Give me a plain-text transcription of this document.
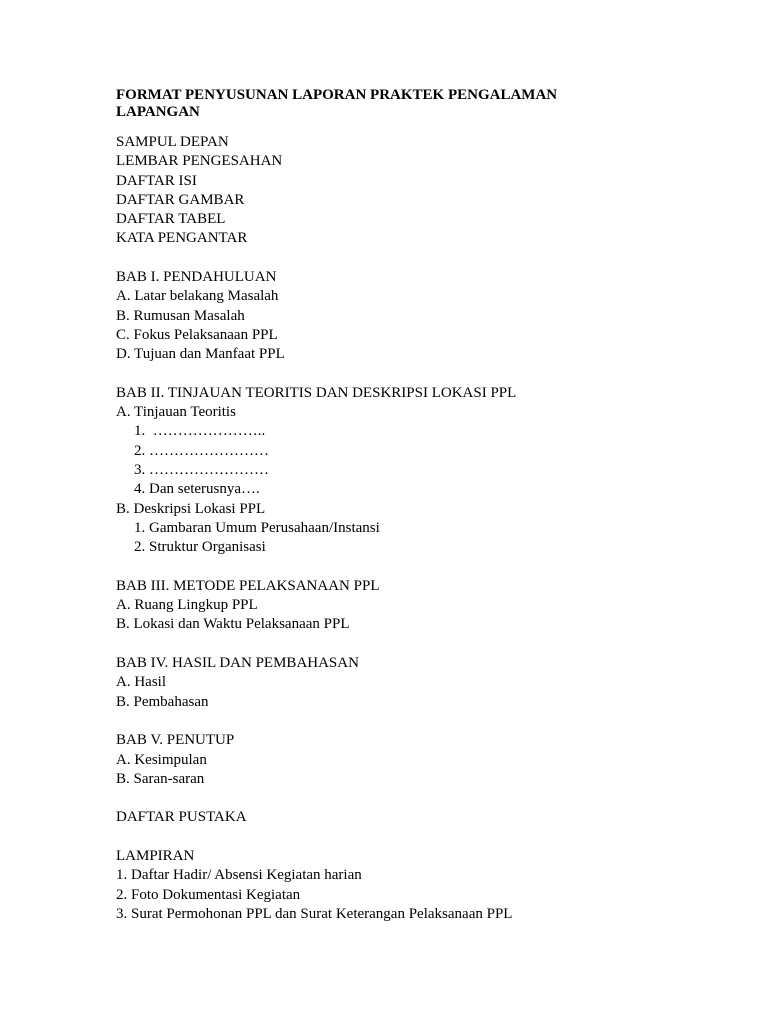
FORMAT PENYUSUNAN LAPORAN PRAKTEK PENGALAMAN
LAPANGAN
SAMPUL DEPAN
LEMBAR PENGESAHAN
DAFTAR ISI
DAFTAR GAMBAR
DAFTAR TABEL
KATA PENGANTAR
BAB I. PENDAHULUAN
A. Latar belakang Masalah
B. Rumusan Masalah
C. Fokus Pelaksanaan PPL
D. Tujuan dan Manfaat PPL
BAB II. TINJAUAN TEORITIS DAN DESKRIPSI LOKASI PPL
A. Tinjauan Teoritis
1.  …………………..
2. ……………………
3. ……………………
4. Dan seterusnya….
B. Deskripsi Lokasi PPL
1. Gambaran Umum Perusahaan/Instansi
2. Struktur Organisasi
BAB III. METODE PELAKSANAAN PPL
A. Ruang Lingkup PPL
B. Lokasi dan Waktu Pelaksanaan PPL
BAB IV. HASIL DAN PEMBAHASAN
A. Hasil
B. Pembahasan
BAB V. PENUTUP
A. Kesimpulan
B. Saran-saran
DAFTAR PUSTAKA
LAMPIRAN
1. Daftar Hadir/ Absensi Kegiatan harian
2. Foto Dokumentasi Kegiatan
3. Surat Permohonan PPL dan Surat Keterangan Pelaksanaan PPL
